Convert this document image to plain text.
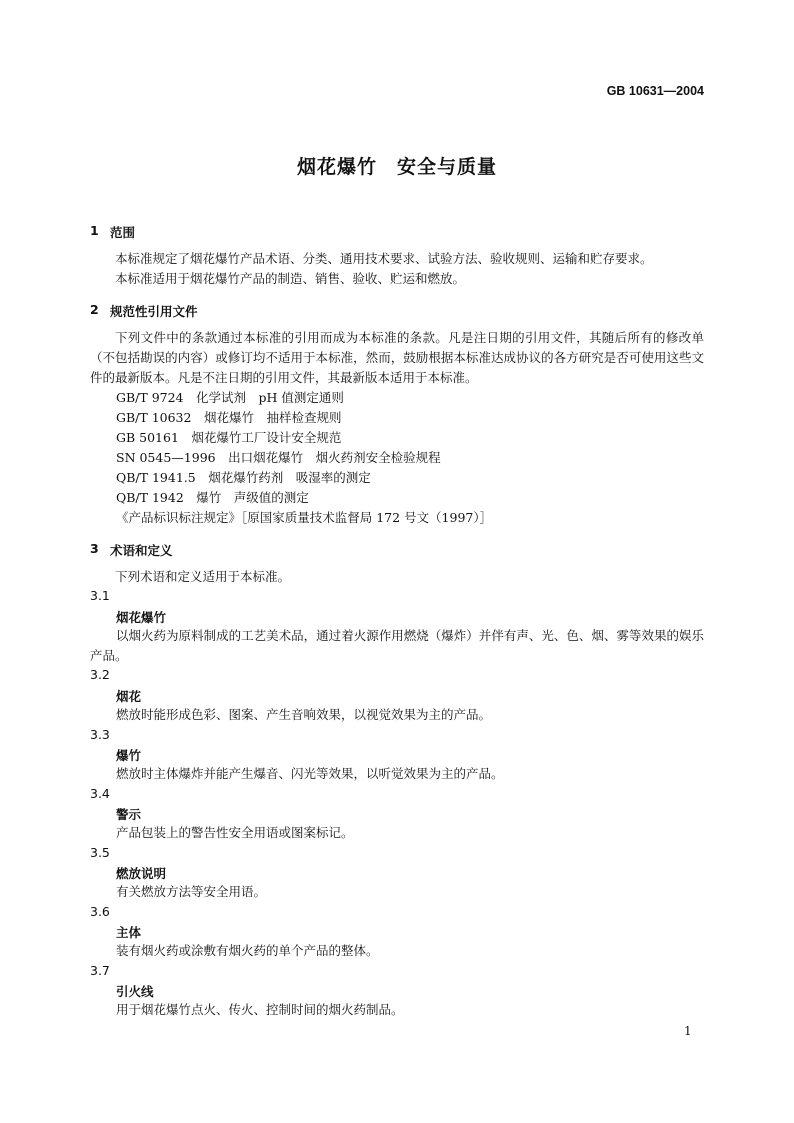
GB 10631—2004
烟花爆竹　安全与质量
1 范围
本标准规定了烟花爆竹产品术语、分类、通用技术要求、试验方法、验收规则、运输和贮存要求。
本标准适用于烟花爆竹产品的制造、销售、验收、贮运和燃放。
2 规范性引用文件
下列文件中的条款通过本标准的引用而成为本标准的条款。凡是注日期的引用文件，其随后所有的修改单（不包括勘误的内容）或修订均不适用于本标准，然而，鼓励根据本标准达成协议的各方研究是否可使用这些文件的最新版本。凡是不注日期的引用文件，其最新版本适用于本标准。
GB/T 9724　化学试剂　pH 值测定通则
GB/T 10632　烟花爆竹　抽样检查规则
GB 50161　烟花爆竹工厂设计安全规范
SN 0545—1996　出口烟花爆竹　烟火药剂安全检验规程
QB/T 1941.5　烟花爆竹药剂　吸湿率的测定
QB/T 1942　爆竹　声级值的测定
《产品标识标注规定》［原国家质量技术监督局 172 号文（1997）］
3 术语和定义
下列术语和定义适用于本标准。
3.1
烟花爆竹
以烟火药为原料制成的工艺美术品，通过着火源作用燃烧（爆炸）并伴有声、光、色、烟、雾等效果的娱乐产品。
3.2
烟花
燃放时能形成色彩、图案、产生音响效果，以视觉效果为主的产品。
3.3
爆竹
燃放时主体爆炸并能产生爆音、闪光等效果，以听觉效果为主的产品。
3.4
警示
产品包装上的警告性安全用语或图案标记。
3.5
燃放说明
有关燃放方法等安全用语。
3.6
主体
装有烟火药或涂敷有烟火药的单个产品的整体。
3.7
引火线
用于烟花爆竹点火、传火、控制时间的烟火药制品。
1
